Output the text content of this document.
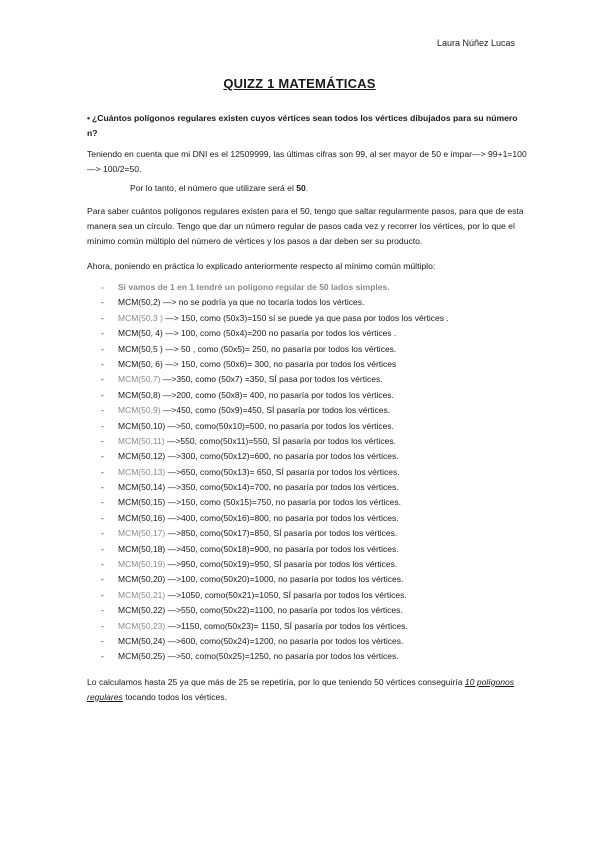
Laura Núñez Lucas
QUIZZ 1 MATEMÁTICAS

• ¿Cuántos polígonos regulares existen cuyos vértices sean todos los vértices dibujados para su número n?

Teniendo en cuenta que mi DNI es el 12509999, las últimas cifras son 99, al ser mayor de 50 e impar—> 99+1=100 —> 100/2=50.

Por lo tanto, el número que utilizare será el 50.

Para saber cuántos polígonos regulares existen para el 50, tengo que saltar regularmente pasos, para que de esta manera sea un círculo. Tengo que dar un número regular de pasos cada vez y recorrer los vértices, por lo que el mínimo común múltiplo del número de vértices y los pasos a dar deben ser su producto.

Ahora, poniendo en práctica lo explicado anteriormente respecto al mínimo común múltiplo:

- Si vamos de 1 en 1 tendré un polígono regular de 50 lados simples.
- MCM(50,2) —> no se podría ya que no tocaría todos los vértices.
- MCM(50,3 ) —> 150, como (50x3)=150 sí se puede ya que pasa por todos los vértices .
- MCM(50, 4) —> 100, como (50x4)=200 no pasaría por todos los vértices .
- MCM(50,5 ) —> 50 , como (50x5)= 250, no pasaría por todos los vértices.
- MCM(50, 6) —> 150, como (50x6)= 300, no pasaría por todos los vértices
- MCM(50,7) —>350, como (50x7) =350, SÍ pasa por todos los vértices.
- MCM(50,8) —>200, como (50x8)= 400, no pasaría por todos los vértices.
- MCM(50,9) —>450, como (50x9)=450, SÍ pasaría por todos los vértices.
- MCM(50,10) —>50, como(50x10)=500, no pasaría por todos los vértices.
- MCM(50,11) —>550, como(50x11)=550, SÍ pasaría por todos los vértices.
- MCM(50,12) —>300, como(50x12)=600, no pasaría por todos los vértices.
- MCM(50,13) —>650, como(50x13)= 650, SÍ pasaría por todos los vértices.
- MCM(50,14) —>350, como(50x14)=700, no pasaría por todos los vértices.
- MCM(50,15) —>150, como (50x15)=750, no pasaría por todos los vértices.
- MCM(50,16) —>400, como(50x16)=800, no pasaría por todos los vértices.
- MCM(50,17) —>850, como(50x17)=850, SÍ pasaría por todos los vértices.
- MCM(50,18) —>450, como(50x18)=900, no pasaría por todos los vértices.
- MCM(50,19) —>950, como(50x19)=950, SÍ pasaría por todos los vértices.
- MCM(50,20) —>100, como(50x20)=1000, no pasaría por todos los vértices.
- MCM(50,21) —>1050, como(50x21)=1050, SÍ pasaría por todos los vértices.
- MCM(50,22) —>550, como(50x22)=1100, no pasaría por todos los vértices.
- MCM(50,23) —>1150, como(50x23)= 1150, SÍ pasaría por todos los vértices.
- MCM(50,24) —>600, como(50x24)=1200, no pasaría por todos los vértices.
- MCM(50,25) —>50, como(50x25)=1250, no pasaría por todos los vértices.

Lo calculamos hasta 25 ya que más de 25 se repetiría, por lo que teniendo 50 vértices conseguiría 10 polígonos regulares tocando todos los vértices.
